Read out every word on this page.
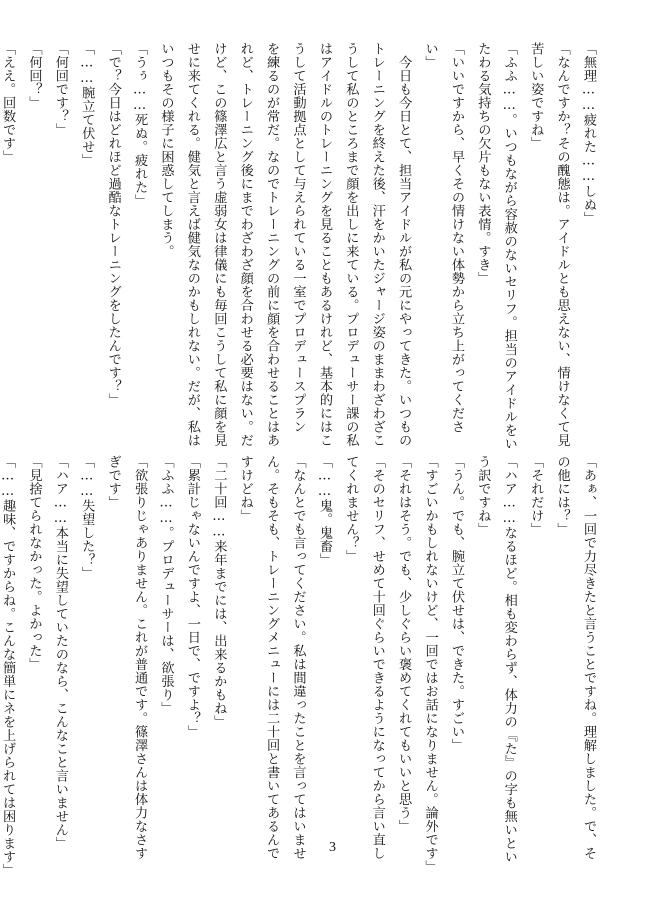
「無理……疲れた……しぬ」
「なんですか？その醜態は。アイドルとも思えない、情けなくて見
苦しい姿ですね」
「ふふ……。いつもながら容赦のないセリフ。担当のアイドルをい
たわる気持ちの欠片もない表情。すき」
「いいですから、早くその情けない体勢から立ち上がってくださ
い」
　今日も今日とて、担当アイドルが私の元にやってきた。いつもの
トレーニングを終えた後、汗をかいたジャージ姿のままわざわざこ
うして私のところまで顔を出しに来ている。プロデューサー課の私
はアイドルのトレーニングを見ることもあるけれど、基本的にはこ
うして活動拠点として与えられている一室でプロデュースプラン
を練るのが常だ。なのでトレーニングの前に顔を合わせることはあ
れど、トレーニング後にまでわざわざ顔を合わせる必要はない。だ
けど、この篠澤広と言う虚弱女は律儀にも毎回こうして私に顔を見
せに来てくれる。健気と言えば健気なのかもしれない。だが、私は
いつもその様子に困惑してしまう。
「うぅ……死ぬ。疲れた」
「で？今日はどれほど過酷なトレーニングをしたんです？」
「……腕立て伏せ」
「何回です？」
「何回？」
「ええ。回数です」
「あぁ、一回で力尽きたと言うことですね。理解しました。で、そ
の他には？」
「それだけ」
「ハア……なるほど。相も変わらず、体力の『た』の字も無いとい
う訳ですね」
「うん。でも、腕立て伏せは、できた。すごい」
「すごいかもしれないけど、一回ではお話になりません。論外です」
「それはそう。でも、少しぐらい褒めてくれてもいいと思う」
「そのセリフ、せめて十回ぐらいできるようになってから言い直し
てくれません？」
「……鬼。鬼畜」
「なんとでも言ってください。私は間違ったことを言ってはいませ
ん。そもそも、トレーニングメニューには二十回と書いてあるんで
すけどね」
「二十回……来年までには、出来るかもね」
「累計じゃないんですよ、一日で、ですよ？」
「ふふ……。プロデューサーは、欲張り」
「欲張りじゃありません。これが普通です。篠澤さんは体力なさす
ぎです」
「……失望した？」
「ハア……本当に失望していたのなら、こんなこと言いません」
「見捨てられなかった。よかった」
「……趣味、ですからね。こんな簡単にネを上げられては困ります」	3
